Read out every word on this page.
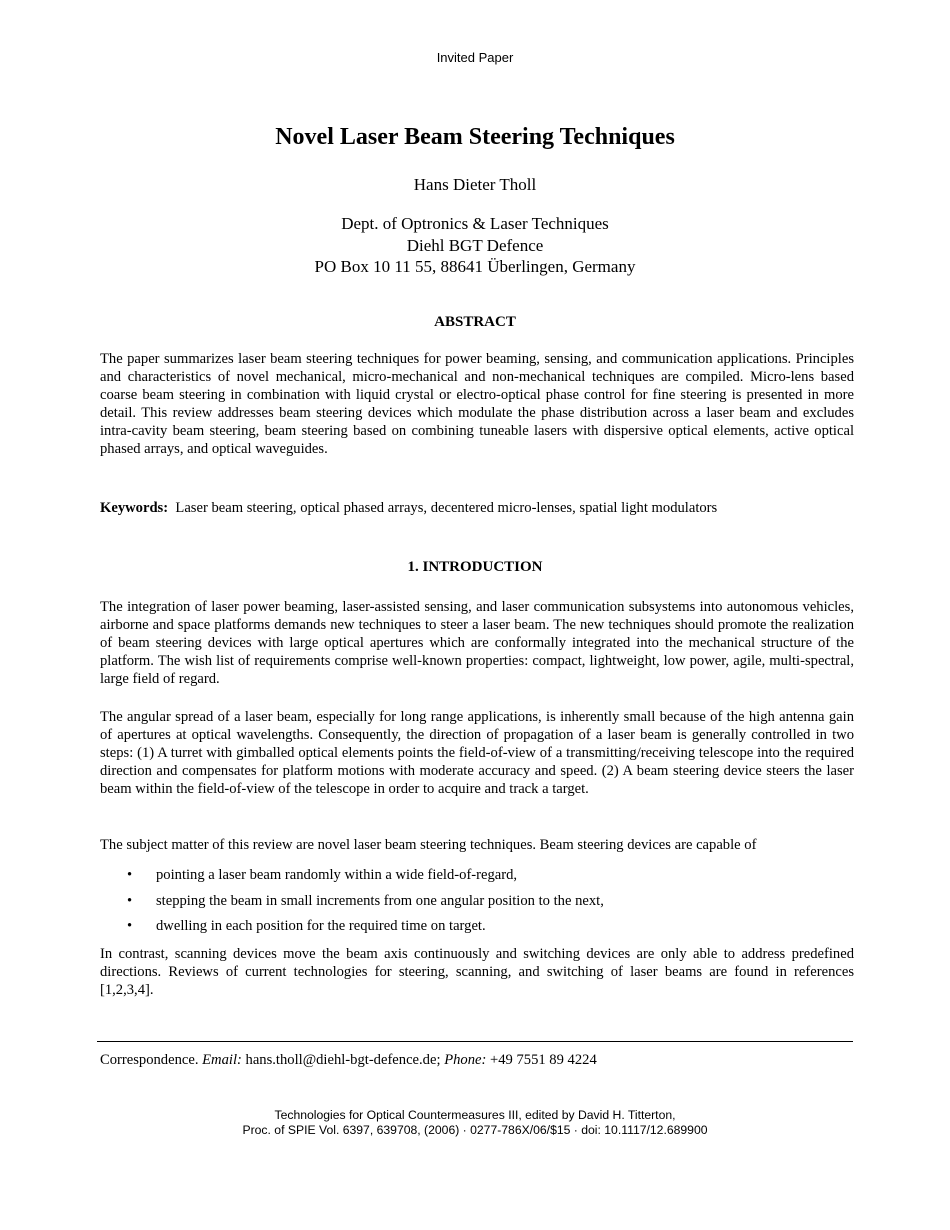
Invited Paper
Novel Laser Beam Steering Techniques
Hans Dieter Tholl
Dept. of Optronics & Laser Techniques
Diehl BGT Defence
PO Box 10 11 55, 88641 Überlingen, Germany
ABSTRACT

The paper summarizes laser beam steering techniques for power beaming, sensing, and communication applications. Principles and characteristics of novel mechanical, micro-mechanical and non-mechanical techniques are compiled. Micro-lens based coarse beam steering in combination with liquid crystal or electro-optical phase control for fine steering is presented in more detail. This review addresses beam steering devices which modulate the phase distribution across a laser beam and excludes intra-cavity beam steering, beam steering based on combining tuneable lasers with dispersive optical elements, active optical phased arrays, and optical waveguides.

Keywords: Laser beam steering, optical phased arrays, decentered micro-lenses, spatial light modulators
1. INTRODUCTION

The integration of laser power beaming, laser-assisted sensing, and laser communication subsystems into autonomous vehicles, airborne and space platforms demands new techniques to steer a laser beam. The new techniques should promote the realization of beam steering devices with large optical apertures which are conformally integrated into the mechanical structure of the platform. The wish list of requirements comprise well-known properties: compact, lightweight, low power, agile, multi-spectral, large field of regard.

The angular spread of a laser beam, especially for long range applications, is inherently small because of the high antenna gain of apertures at optical wavelengths. Consequently, the direction of propagation of a laser beam is generally controlled in two steps: (1) A turret with gimballed optical elements points the field-of-view of a transmitting/receiving telescope into the required direction and compensates for platform motions with moderate accuracy and speed. (2) A beam steering device steers the laser beam within the field-of-view of the telescope in order to acquire and track a target.

The subject matter of this review are novel laser beam steering techniques. Beam steering devices are capable of

• pointing a laser beam randomly within a wide field-of-regard,
• stepping the beam in small increments from one angular position to the next,
• dwelling in each position for the required time on target.

In contrast, scanning devices move the beam axis continuously and switching devices are only able to address predefined directions. Reviews of current technologies for steering, scanning, and switching of laser beams are found in references [1,2,3,4].

Correspondence. Email: hans.tholl@diehl-bgt-defence.de; Phone: +49 7551 89 4224
Technologies for Optical Countermeasures III, edited by David H. Titterton,
Proc. of SPIE Vol. 6397, 639708, (2006) · 0277-786X/06/$15 · doi: 10.1117/12.689900
